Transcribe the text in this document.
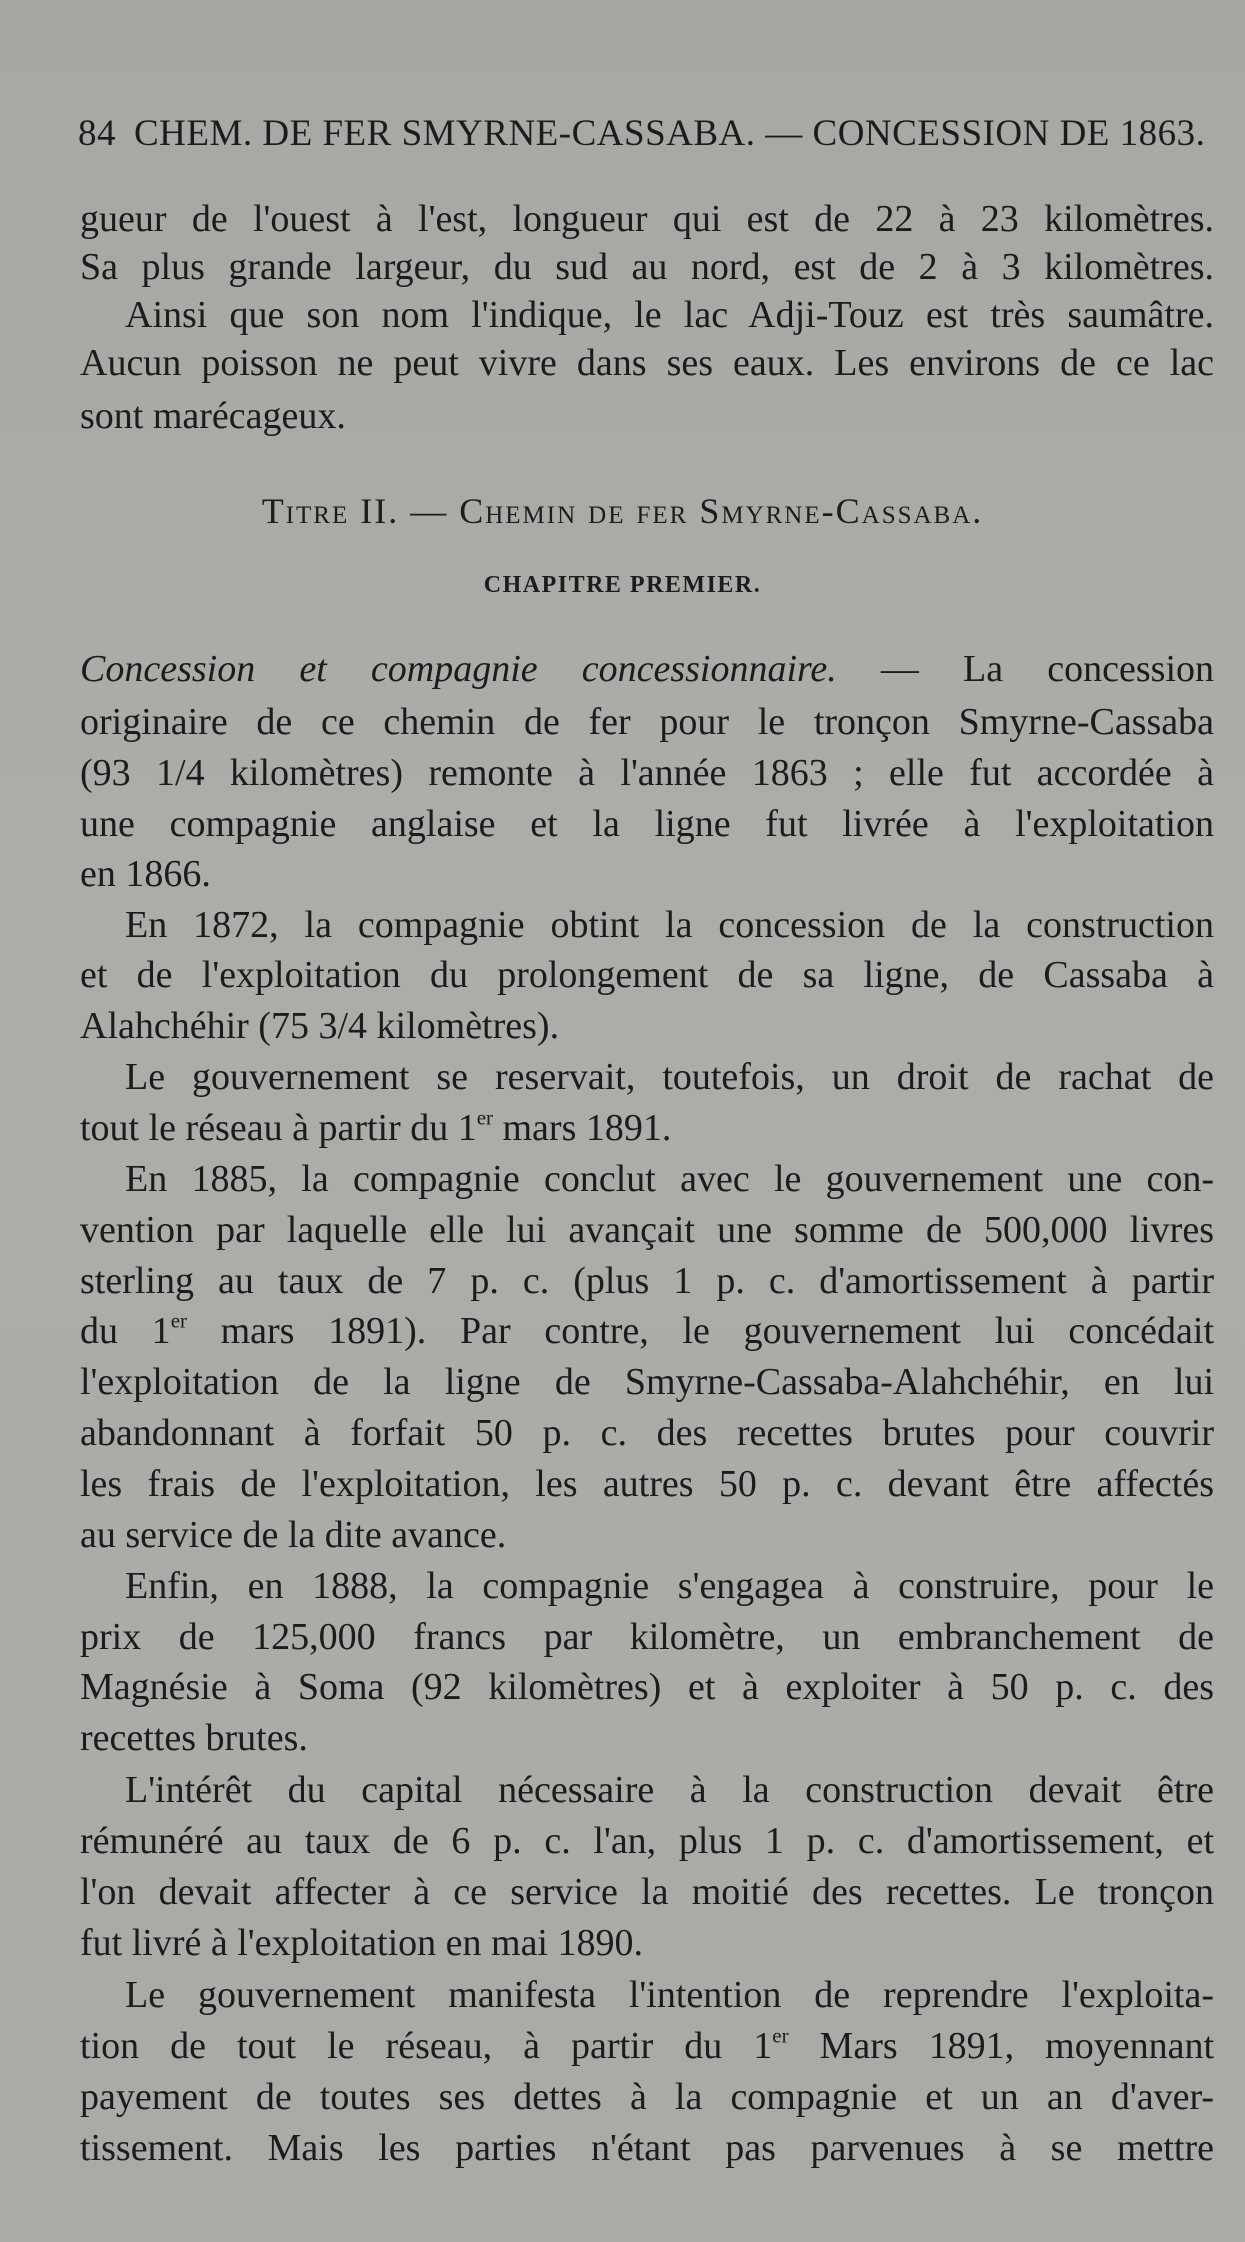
84 CHEM. DE FER SMYRNE-CASSABA. — CONCESSION DE 1863.
gueur de l'ouest à l'est, longueur qui est de 22 à 23 kilomètres.
Sa plus grande largeur, du sud au nord, est de 2 à 3 kilomètres.
Ainsi que son nom l'indique, le lac Adji-Touz est très saumâtre.
Aucun poisson ne peut vivre dans ses eaux. Les environs de ce lac
sont marécageux.
Titre II. — Chemin de fer Smyrne-Cassaba.
CHAPITRE PREMIER.
Concession et compagnie concessionnaire. — La concession
originaire de ce chemin de fer pour le tronçon Smyrne-Cassaba
(93 1/4 kilomètres) remonte à l'année 1863 ; elle fut accordée à
une compagnie anglaise et la ligne fut livrée à l'exploitation
en 1866.
En 1872, la compagnie obtint la concession de la construction
et de l'exploitation du prolongement de sa ligne, de Cassaba à
Alahchéhir (75 3/4 kilomètres).
Le gouvernement se reservait, toutefois, un droit de rachat de
tout le réseau à partir du 1er mars 1891.
En 1885, la compagnie conclut avec le gouvernement une con-
vention par laquelle elle lui avançait une somme de 500,000 livres
sterling au taux de 7 p. c. (plus 1 p. c. d'amortissement à partir
du 1er mars 1891). Par contre, le gouvernement lui concédait
l'exploitation de la ligne de Smyrne-Cassaba-Alahchéhir, en lui
abandonnant à forfait 50 p. c. des recettes brutes pour couvrir
les frais de l'exploitation, les autres 50 p. c. devant être affectés
au service de la dite avance.
Enfin, en 1888, la compagnie s'engagea à construire, pour le
prix de 125,000 francs par kilomètre, un embranchement de
Magnésie à Soma (92 kilomètres) et à exploiter à 50 p. c. des
recettes brutes.
L'intérêt du capital nécessaire à la construction devait être
rémunéré au taux de 6 p. c. l'an, plus 1 p. c. d'amortissement, et
l'on devait affecter à ce service la moitié des recettes. Le tronçon
fut livré à l'exploitation en mai 1890.
Le gouvernement manifesta l'intention de reprendre l'exploita-
tion de tout le réseau, à partir du 1er Mars 1891, moyennant
payement de toutes ses dettes à la compagnie et un an d'aver-
tissement. Mais les parties n'étant pas parvenues à se mettre
